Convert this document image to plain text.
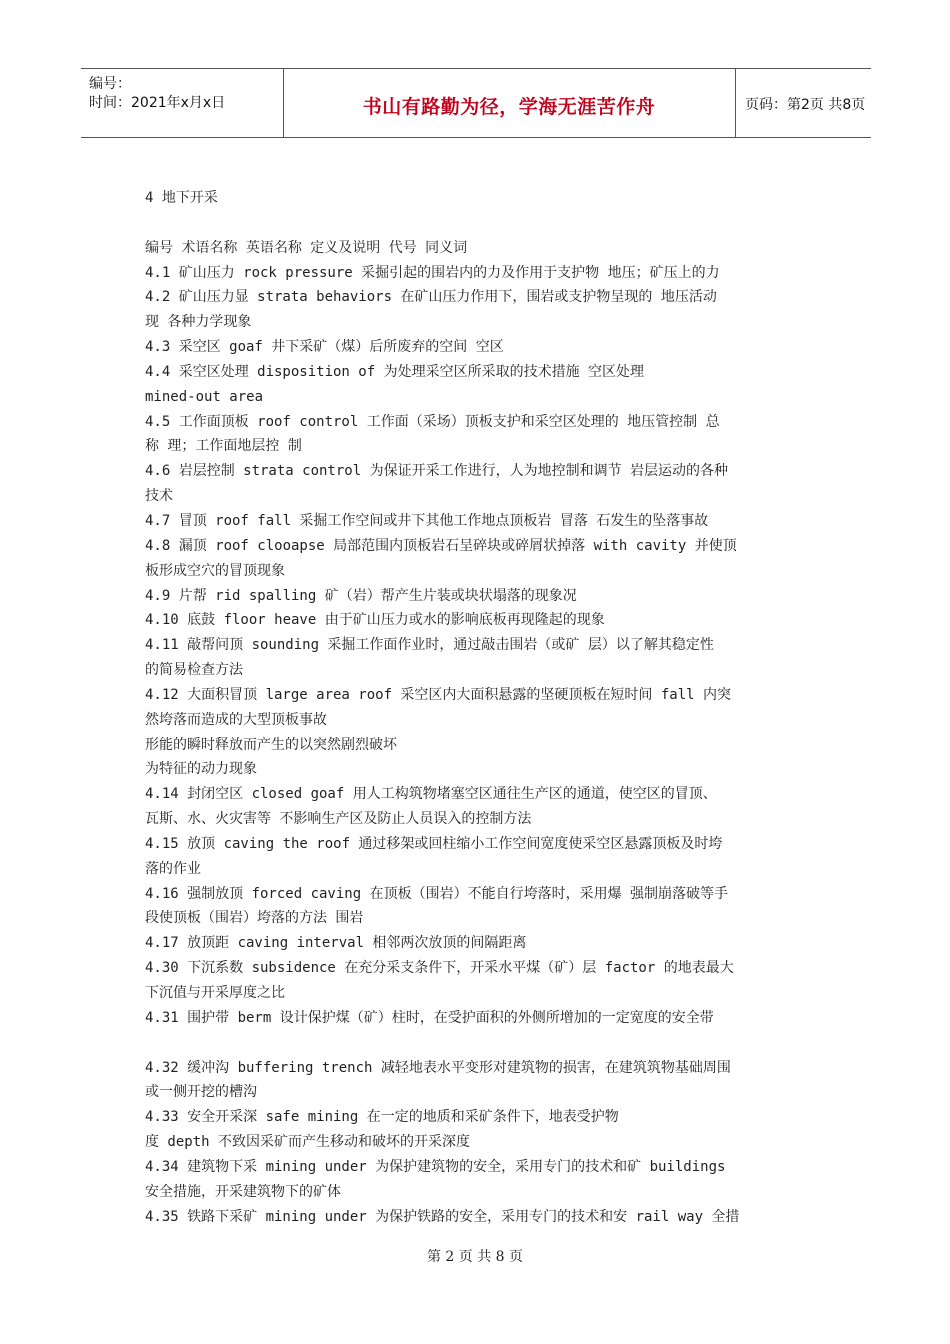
编号：
时间：2021年x月x日	书山有路勤为径，学海无涯苦作舟	页码：第2页 共8页
4 地下开采
编号 术语名称 英语名称 定义及说明 代号 同义词
4.1 矿山压力 rock pressure 采掘引起的围岩内的力及作用于支护物 地压；矿压上的力
4.2 矿山压力显 strata behaviors 在矿山压力作用下，围岩或支护物呈现的 地压活动
现 各种力学现象
4.3 采空区 goaf 井下采矿（煤）后所废弃的空间 空区
4.4 采空区处理 disposition of 为处理采空区所采取的技术措施 空区处理
mined-out area
4.5 工作面顶板 roof control 工作面（采场）顶板支护和采空区处理的 地压管控制 总
称 理；工作面地层控 制
4.6 岩层控制 strata control 为保证开采工作进行，人为地控制和调节 岩层运动的各种
技术
4.7 冒顶 roof fall 采掘工作空间或井下其他工作地点顶板岩 冒落 石发生的坠落事故
4.8 漏顶 roof clooapse 局部范围内顶板岩石呈碎块或碎屑状掉落 with cavity 并使顶
板形成空穴的冒顶现象
4.9 片帮 rid spalling 矿（岩）帮产生片装或块状塌落的现象况
4.10 底鼓 floor heave 由于矿山压力或水的影响底板再现隆起的现象
4.11 敲帮问顶 sounding 采掘工作面作业时，通过敲击围岩（或矿 层）以了解其稳定性
的简易检查方法
4.12 大面积冒顶 large area roof 采空区内大面积悬露的坚硬顶板在短时间 fall 内突
然垮落而造成的大型顶板事故
形能的瞬时释放而产生的以突然剧烈破坏
为特征的动力现象
4.14 封闭空区 closed goaf 用人工构筑物堵塞空区通往生产区的通道，使空区的冒顶、
瓦斯、水、火灾害等 不影响生产区及防止人员误入的控制方法
4.15 放顶 caving the roof 通过移架或回柱缩小工作空间宽度使采空区悬露顶板及时垮
落的作业
4.16 强制放顶 forced caving 在顶板（围岩）不能自行垮落时，采用爆 强制崩落破等手
段使顶板（围岩）垮落的方法 围岩
4.17 放顶距 caving interval 相邻两次放顶的间隔距离
4.30 下沉系数 subsidence 在充分采支条件下，开采水平煤（矿）层 factor 的地表最大
下沉值与开采厚度之比
4.31 围护带 berm 设计保护煤（矿）柱时，在受护面积的外侧所增加的一定宽度的安全带
4.32 缓冲沟 buffering trench 减轻地表水平变形对建筑物的损害，在建筑筑物基础周围
或一侧开挖的槽沟
4.33 安全开采深 safe mining 在一定的地质和采矿条件下，地表受护物
度 depth 不致因采矿而产生移动和破坏的开采深度
4.34 建筑物下采 mining under 为保护建筑物的安全，采用专门的技术和矿 buildings
安全措施，开采建筑物下的矿体
4.35 铁路下采矿 mining under 为保护铁路的安全，采用专门的技术和安 rail way 全措
第 2 页 共 8 页
